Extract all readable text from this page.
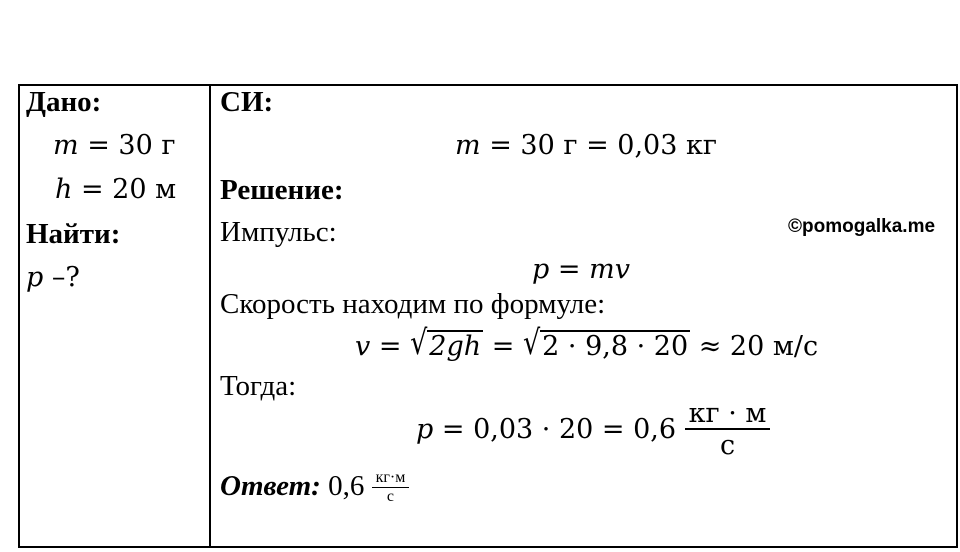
Дано:
m = 30 г
h = 20 м
Найти:
p –?
СИ:
m = 30 г = 0,03 кг
Решение:
Импульс:	©pomogalka.me
p = mv
Скорость находим по формуле:
v = √2gh = √2 · 9,8 · 20 ≈ 20 м/с
Тогда:
$p = 0,03 \cdot 20 = 0,6 \frac{кг \cdot м}{с}$
Ответ: $0,6 \frac{кг\cdot м}{с}$
